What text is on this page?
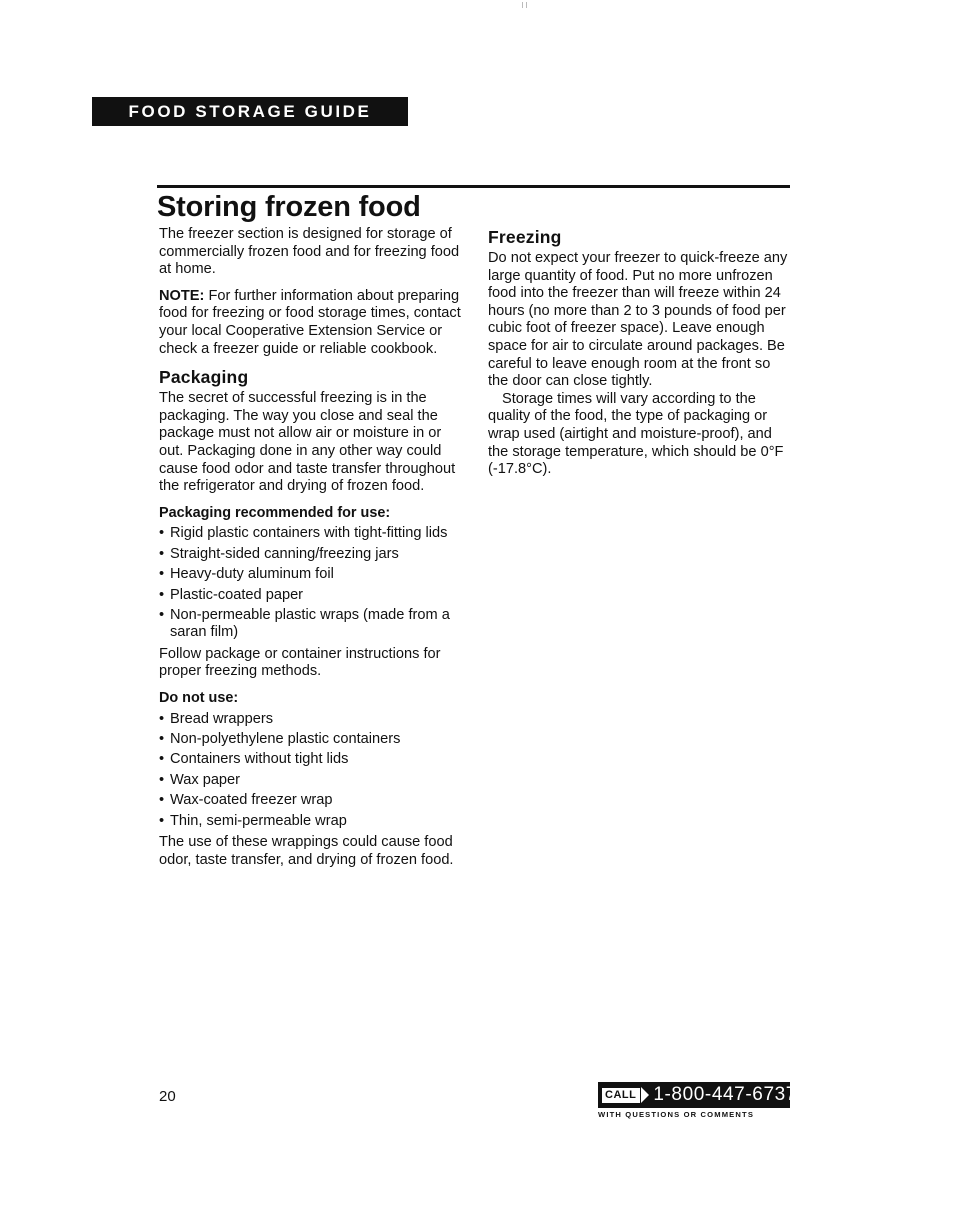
FOOD STORAGE GUIDE
Storing frozen food

The freezer section is designed for storage of commercially frozen food and for freezing food at home.

NOTE: For further information about preparing food for freezing or food storage times, contact your local Cooperative Extension Service or check a freezer guide or reliable cookbook.

Packaging

The secret of successful freezing is in the packaging. The way you close and seal the package must not allow air or moisture in or out. Packaging done in any other way could cause food odor and taste transfer throughout the refrigerator and drying of frozen food.

Packaging recommended for use:
• Rigid plastic containers with tight-fitting lids
• Straight-sided canning/freezing jars
• Heavy-duty aluminum foil
• Plastic-coated paper
• Non-permeable plastic wraps (made from a saran film)

Follow package or container instructions for proper freezing methods.

Do not use:
• Bread wrappers
• Non-polyethylene plastic containers
• Containers without tight lids
• Wax paper
• Wax-coated freezer wrap
• Thin, semi-permeable wrap

The use of these wrappings could cause food odor, taste transfer, and drying of frozen food.

Freezing

Do not expect your freezer to quick-freeze any large quantity of food. Put no more unfrozen food into the freezer than will freeze within 24 hours (no more than 2 to 3 pounds of food per cubic foot of freezer space). Leave enough space for air to circulate around packages. Be careful to leave enough room at the front so the door can close tightly.

Storage times will vary according to the quality of the food, the type of packaging or wrap used (airtight and moisture-proof), and the storage temperature, which should be 0°F (-17.8°C).

20	CALL 1-800-447-6737
WITH QUESTIONS OR COMMENTS
